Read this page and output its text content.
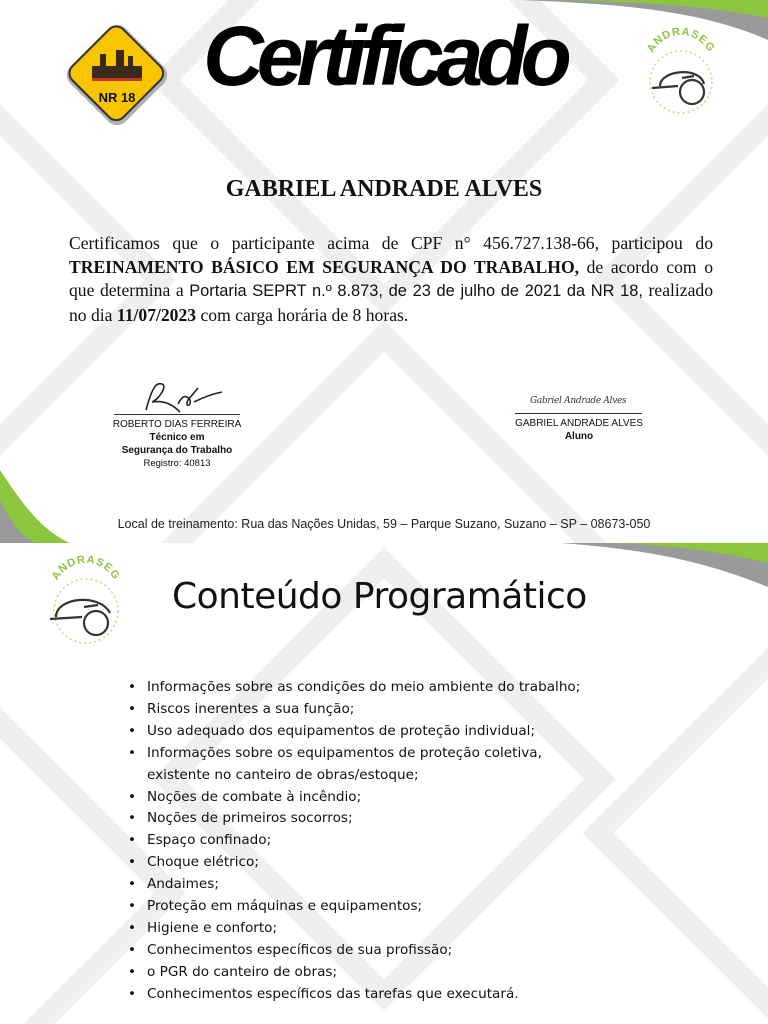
NR 18 Certificado	ANDRASEG
GABRIEL ANDRADE ALVES
Certificamos que o participante acima de CPF n° 456.727.138-66, participou do TREINAMENTO BÁSICO EM SEGURANÇA DO TRABALHO, de acordo com o que determina a Portaria SEPRT n.º 8.873, de 23 de julho de 2021 da NR 18, realizado no dia 11/07/2023 com carga horária de 8 horas.
ROBERTO DIAS FERREIRA
Técnico em
Segurança do Trabalho
Registro: 40813
Gabriel Andrade Alves
GABRIEL ANDRADE ALVES
Aluno
Local de treinamento: Rua das Nações Unidas, 59 – Parque Suzano, Suzano – SP – 08673-050
ANDRASEG
Conteúdo Programático
• Informações sobre as condições do meio ambiente do trabalho;
• Riscos inerentes a sua função;
• Uso adequado dos equipamentos de proteção individual;
• Informações sobre os equipamentos de proteção coletiva,
existente no canteiro de obras/estoque;
• Noções de combate à incêndio;
• Noções de primeiros socorros;
• Espaço confinado;
• Choque elétrico;
• Andaimes;
• Proteção em máquinas e equipamentos;
• Higiene e conforto;
• Conhecimentos específicos de sua profissão;
• o PGR do canteiro de obras;
• Conhecimentos específicos das tarefas que executará.
